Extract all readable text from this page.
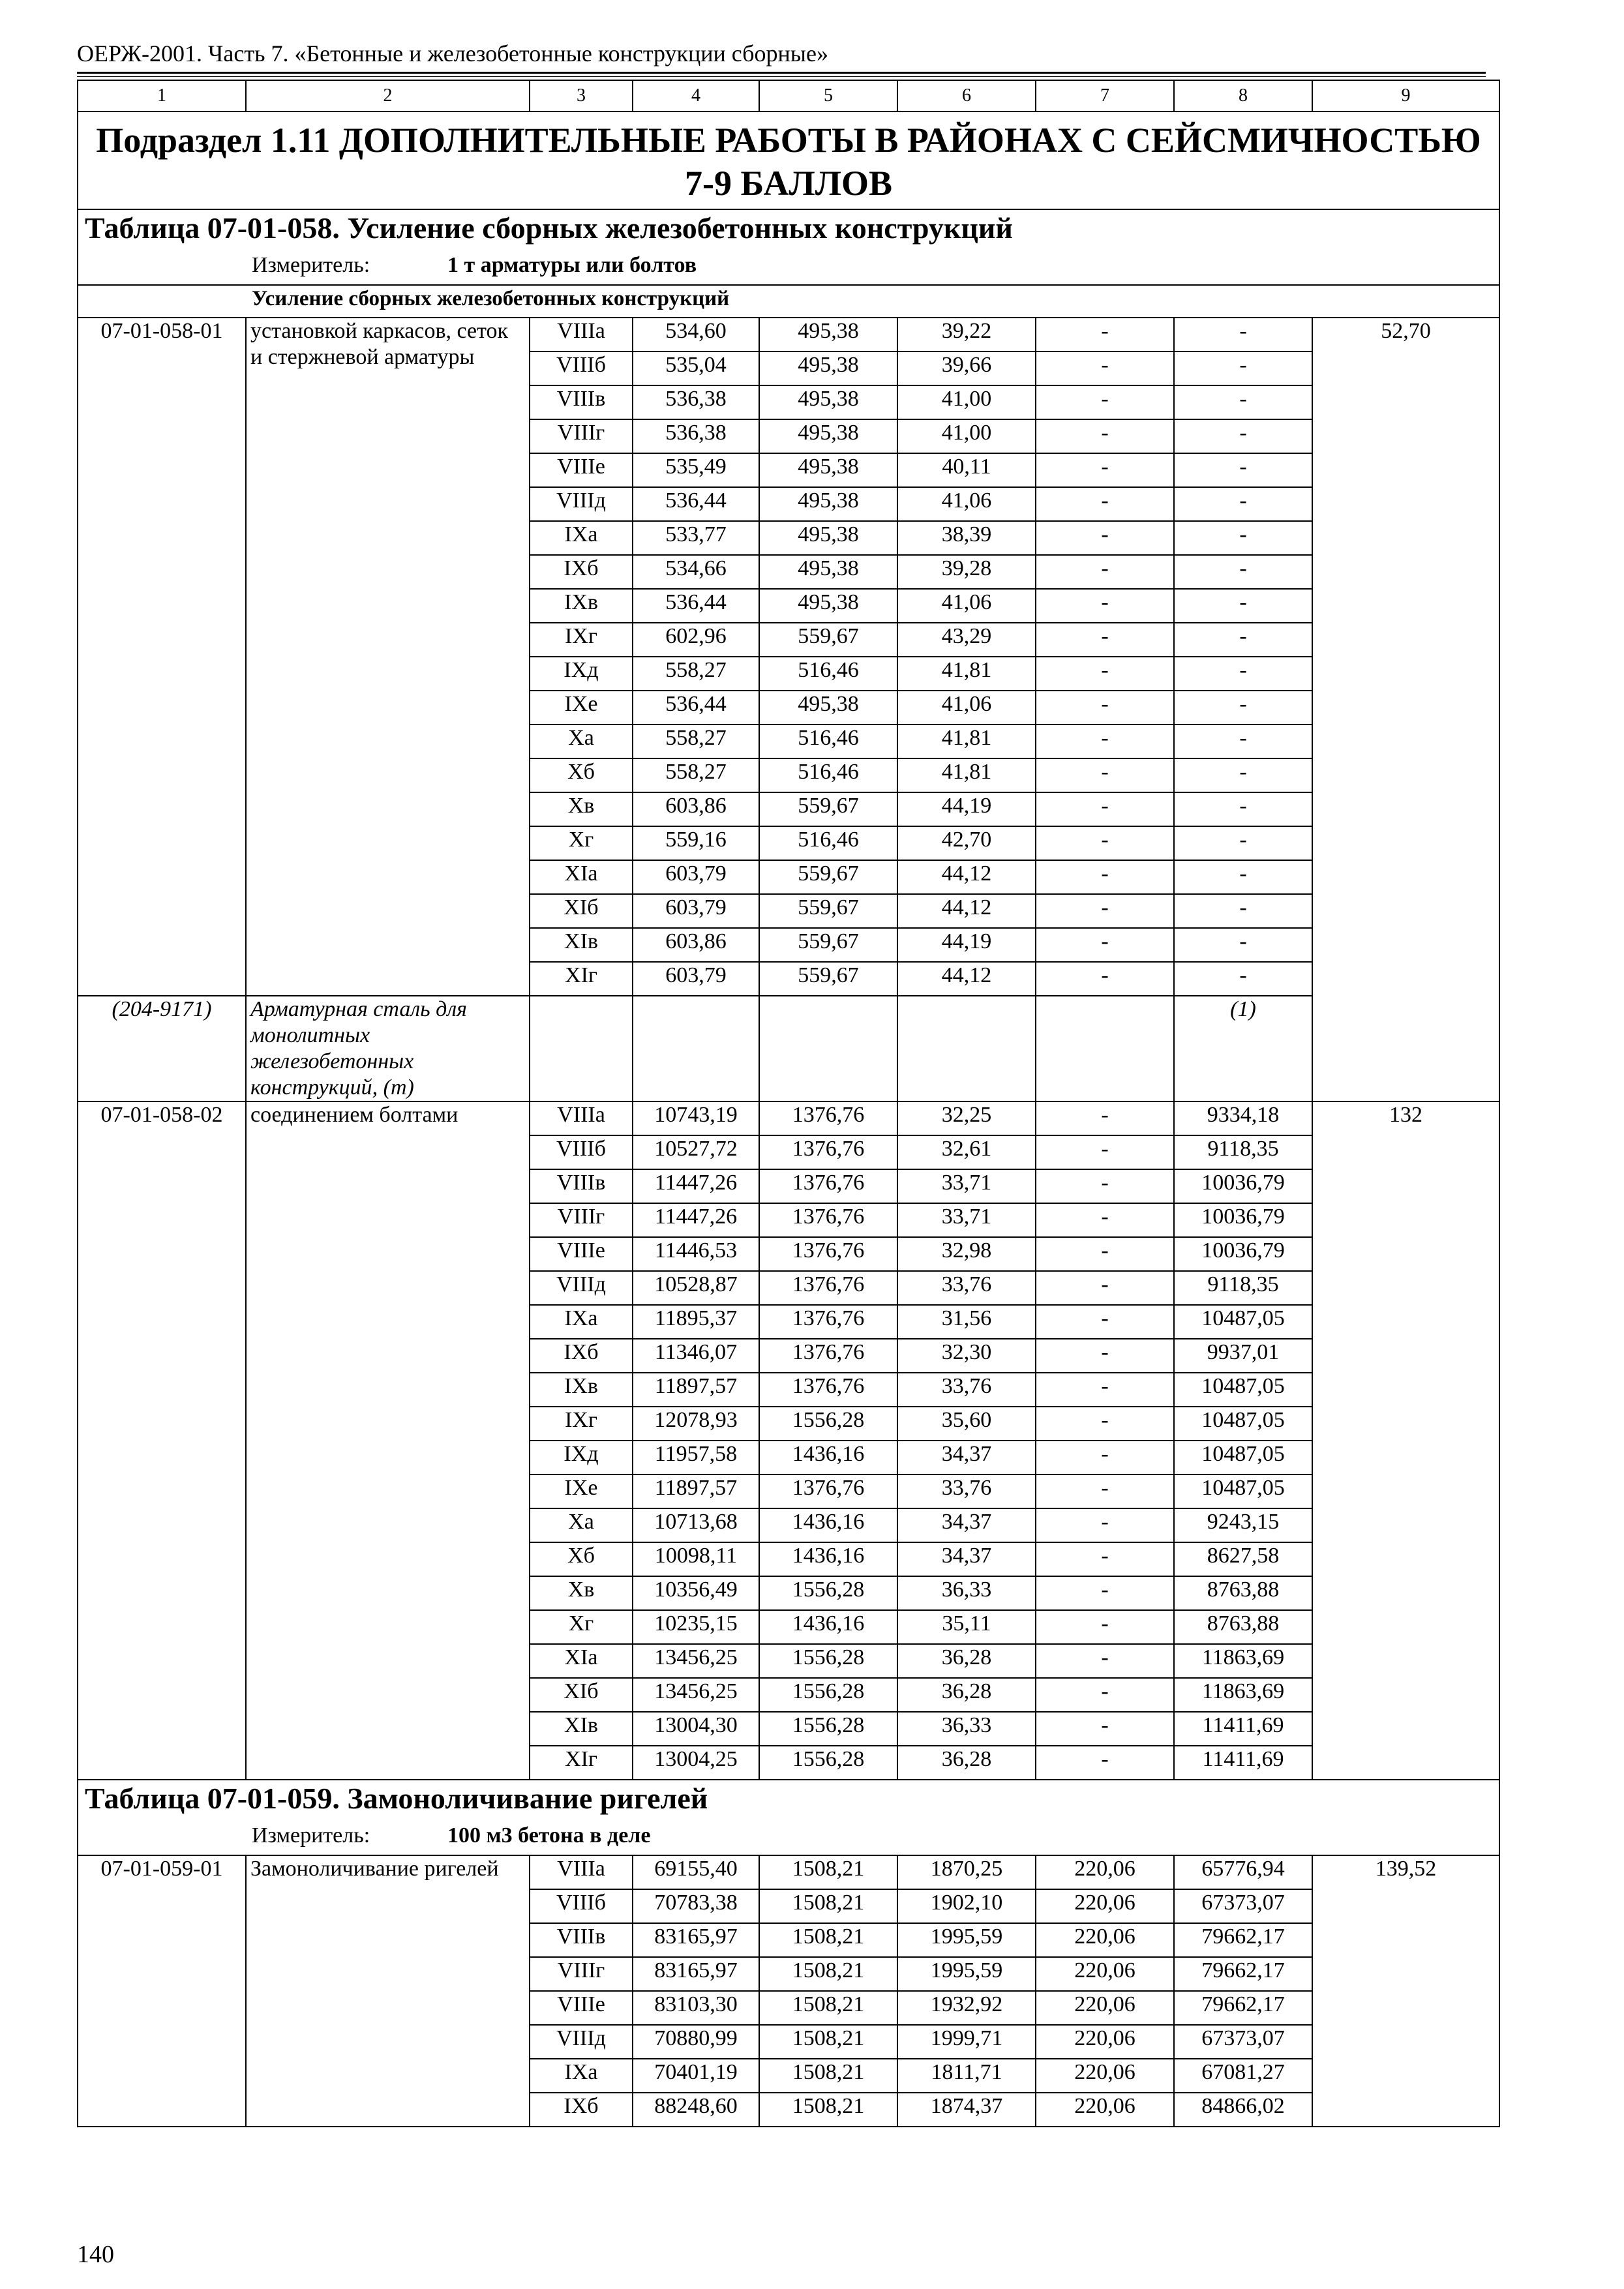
ОЕРЖ-2001. Часть 7. «Бетонные и железобетонные конструкции сборные»
1	2	3	4	5	6	7	8	9
Подраздел 1.11 ДОПОЛНИТЕЛЬНЫЕ РАБОТЫ В РАЙОНАХ С СЕЙСМИЧНОСТЬЮ 7-9 БАЛЛОВ								
Таблица 07-01-058. Усиление сборных железобетонных конструкций								
Измеритель: 1 т арматуры или болтов								
Усиление сборных железобетонных конструкций								
07-01-058-01	установкой каркасов, сеток и стержневой арматуры	VIIIа	534,60	495,38	39,22	-	-	52,70
		VIIIб	535,04	495,38	39,66	-	-	
		VIIIв	536,38	495,38	41,00	-	-	
		VIIIг	536,38	495,38	41,00	-	-	
		VIIIе	535,49	495,38	40,11	-	-	
		VIIIд	536,44	495,38	41,06	-	-	
		IXа	533,77	495,38	38,39	-	-	
		IXб	534,66	495,38	39,28	-	-	
		IXв	536,44	495,38	41,06	-	-	
		IXг	602,96	559,67	43,29	-	-	
		IXд	558,27	516,46	41,81	-	-	
		IXе	536,44	495,38	41,06	-	-	
		Xа	558,27	516,46	41,81	-	-	
		Xб	558,27	516,46	41,81	-	-	
		Xв	603,86	559,67	44,19	-	-	
		Xг	559,16	516,46	42,70	-	-	
		XIа	603,79	559,67	44,12	-	-	
		XIб	603,79	559,67	44,12	-	-	
		XIв	603,86	559,67	44,19	-	-	
		XIг	603,79	559,67	44,12	-	-	
(204-9171)	Арматурная сталь для монолитных железобетонных конструкций, (т)						(1)	
07-01-058-02	соединением болтами	VIIIа	10743,19	1376,76	32,25	-	9334,18	132
		VIIIб	10527,72	1376,76	32,61	-	9118,35	
		VIIIв	11447,26	1376,76	33,71	-	10036,79	
		VIIIг	11447,26	1376,76	33,71	-	10036,79	
		VIIIе	11446,53	1376,76	32,98	-	10036,79	
		VIIIд	10528,87	1376,76	33,76	-	9118,35	
		IXа	11895,37	1376,76	31,56	-	10487,05	
		IXб	11346,07	1376,76	32,30	-	9937,01	
		IXв	11897,57	1376,76	33,76	-	10487,05	
		IXг	12078,93	1556,28	35,60	-	10487,05	
		IXд	11957,58	1436,16	34,37	-	10487,05	
		IXе	11897,57	1376,76	33,76	-	10487,05	
		Xа	10713,68	1436,16	34,37	-	9243,15	
		Xб	10098,11	1436,16	34,37	-	8627,58	
		Xв	10356,49	1556,28	36,33	-	8763,88	
		Xг	10235,15	1436,16	35,11	-	8763,88	
		XIа	13456,25	1556,28	36,28	-	11863,69	
		XIб	13456,25	1556,28	36,28	-	11863,69	
		XIв	13004,30	1556,28	36,33	-	11411,69	
		XIг	13004,25	1556,28	36,28	-	11411,69	
Таблица 07-01-059. Замоноличивание ригелей								
Измеритель: 100 м3 бетона в деле								
07-01-059-01	Замоноличивание ригелей	VIIIа	69155,40	1508,21	1870,25	220,06	65776,94	139,52
		VIIIб	70783,38	1508,21	1902,10	220,06	67373,07	
		VIIIв	83165,97	1508,21	1995,59	220,06	79662,17	
		VIIIг	83165,97	1508,21	1995,59	220,06	79662,17	
		VIIIе	83103,30	1508,21	1932,92	220,06	79662,17	
		VIIIд	70880,99	1508,21	1999,71	220,06	67373,07	
		IXа	70401,19	1508,21	1811,71	220,06	67081,27	
		IXб	88248,60	1508,21	1874,37	220,06	84866,02	
140
